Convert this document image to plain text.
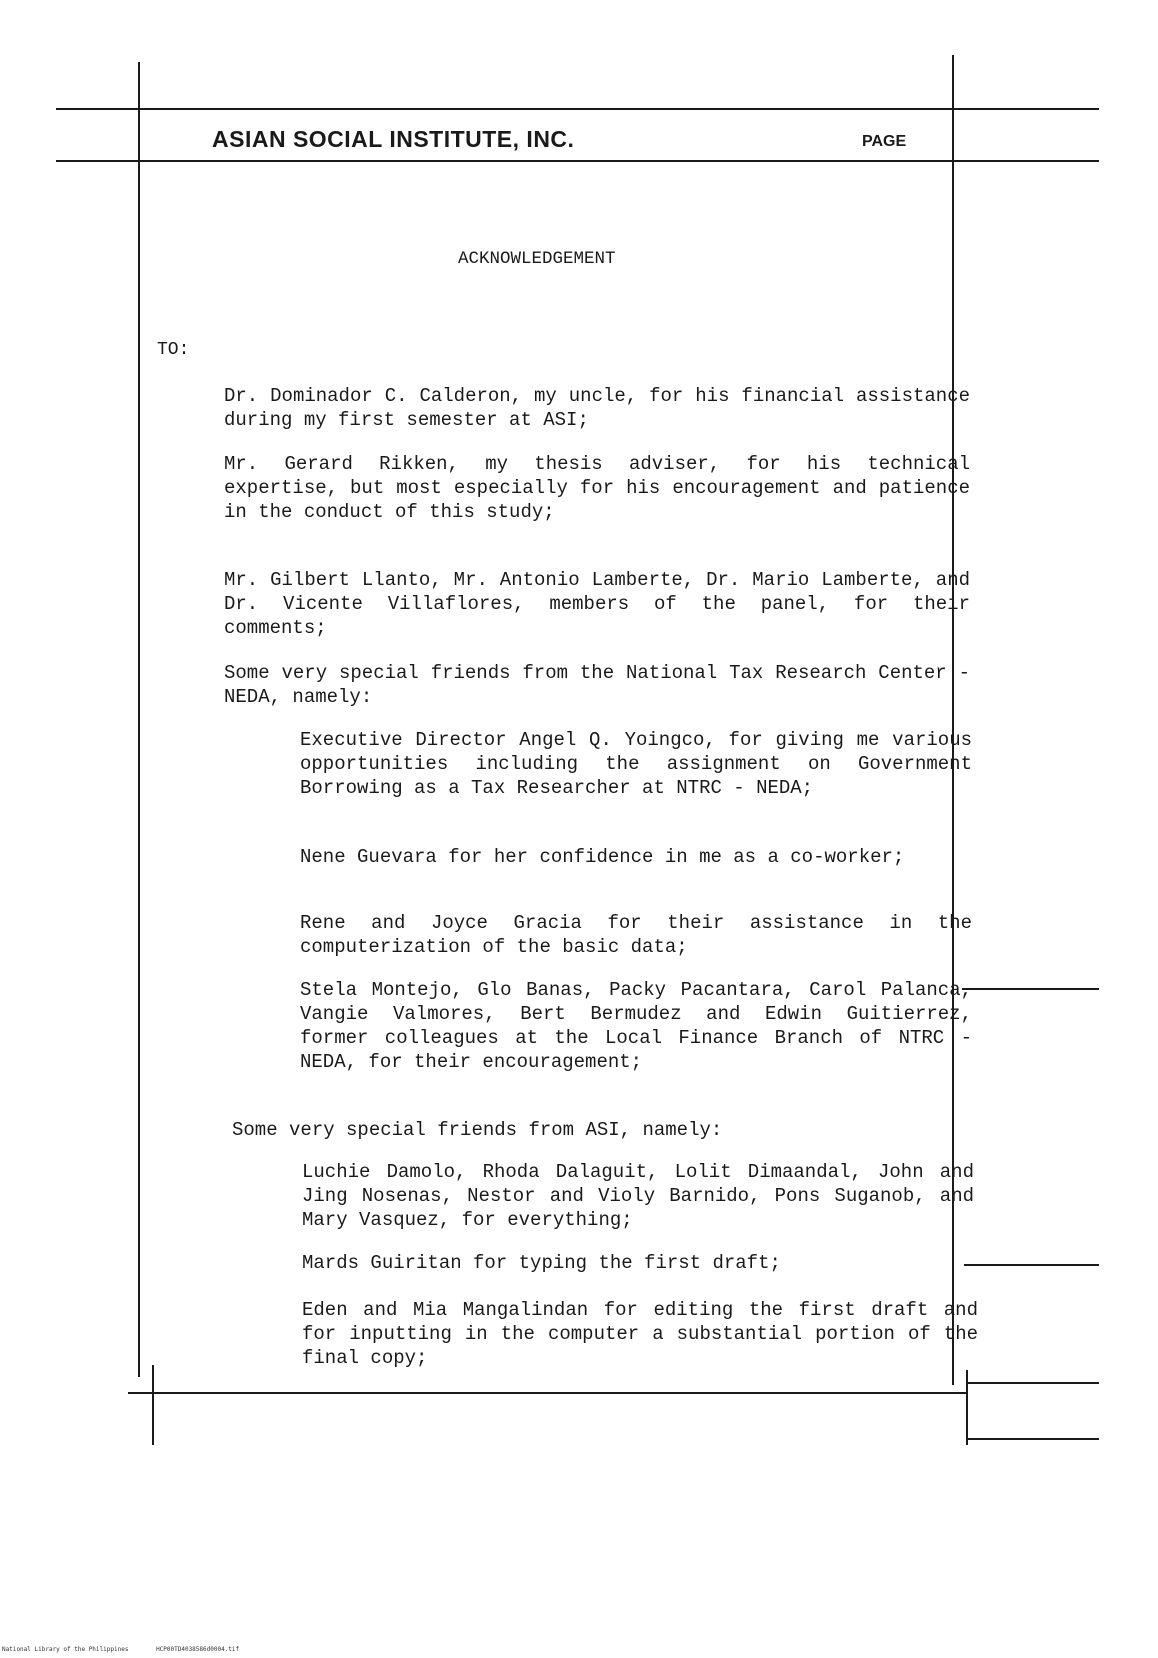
ASIAN SOCIAL INSTITUTE, INC.	PAGE
ACKNOWLEDGEMENT
TO:

Dr. Dominador C. Calderon, my uncle, for his financial assistance during my first semester at ASI;

Mr. Gerard Rikken, my thesis adviser, for his technical expertise, but most especially for his encouragement and patience in the conduct of this study;

Mr. Gilbert Llanto, Mr. Antonio Lamberte, Dr. Mario Lamberte, and Dr. Vicente Villaflores, members of the panel, for their comments;

Some very special friends from the National Tax Research Center - NEDA, namely:

Executive Director Angel Q. Yoingco, for giving me various opportunities including the assignment on Government Borrowing as a Tax Researcher at NTRC - NEDA;

Nene Guevara for her confidence in me as a co-worker;

Rene and Joyce Gracia for their assistance in the computerization of the basic data;

Stela Montejo, Glo Banas, Packy Pacantara, Carol Palanca, Vangie Valmores, Bert Bermudez and Edwin Guitierrez, former colleagues at the Local Finance Branch of NTRC - NEDA, for their encouragement;

Some very special friends from ASI, namely:

Luchie Damolo, Rhoda Dalaguit, Lolit Dimaandal, John and Jing Nosenas, Nestor and Violy Barnido, Pons Suganob, and Mary Vasquez, for everything;

Mards Guiritan for typing the first draft;

Eden and Mia Mangalindan for editing the first draft and for inputting in the computer a substantial portion of the final copy;

National Library of the Philippines	HCP00TD4038586d0004.tif
